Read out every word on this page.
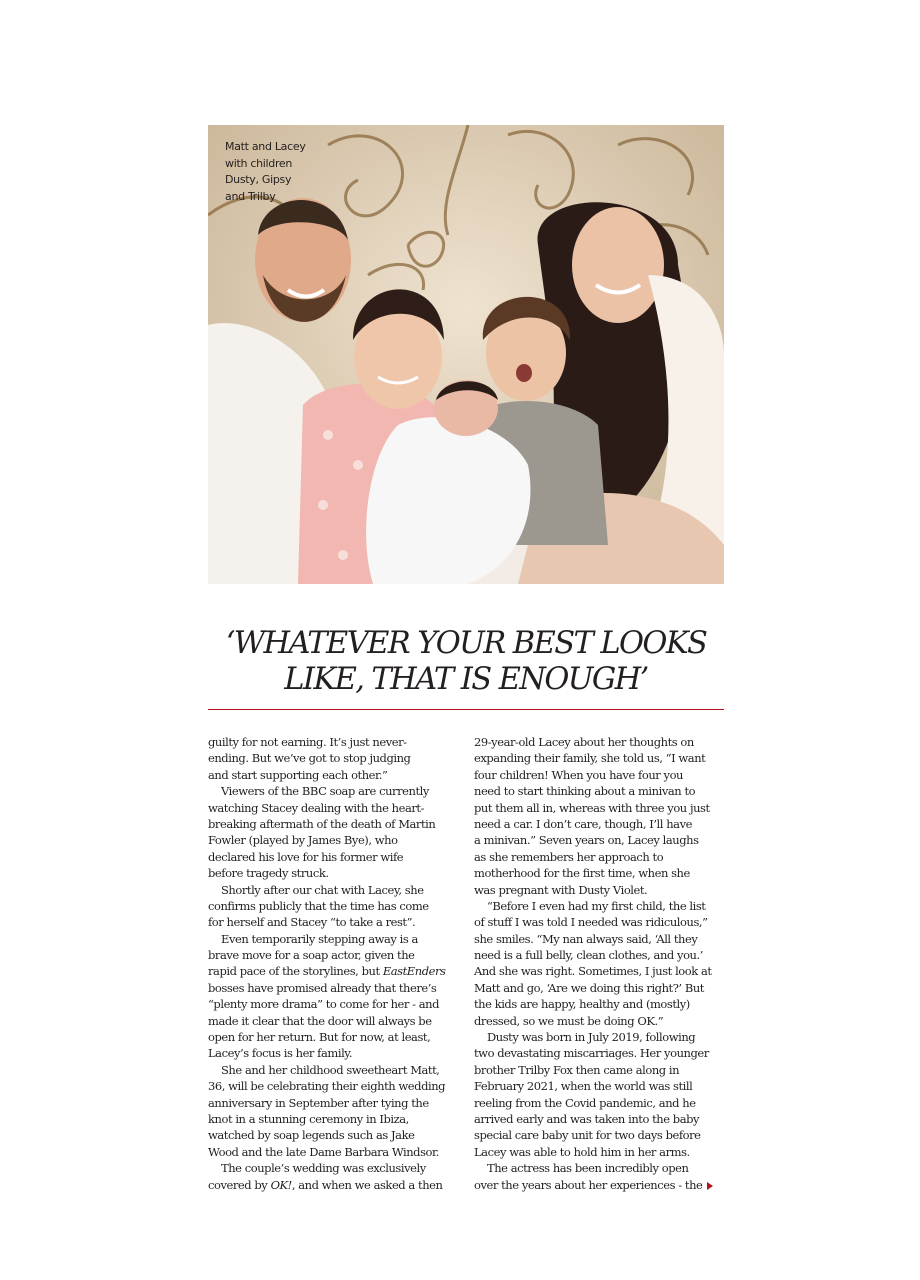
Matt and Lacey
with children
Dusty, Gipsy
and Trilby
‘WHATEVER YOUR BEST LOOKS
LIKE, THAT IS ENOUGH’
guilty for not earning. It’s just never-
ending. But we’ve got to stop judging
and start supporting each other.”
Viewers of the BBC soap are currently
watching Stacey dealing with the heart-
breaking aftermath of the death of Martin
Fowler (played by James Bye), who
declared his love for his former wife
before tragedy struck.
Shortly after our chat with Lacey, she
confirms publicly that the time has come
for herself and Stacey “to take a rest”.
Even temporarily stepping away is a
brave move for a soap actor, given the
rapid pace of the storylines, but EastEnders
bosses have promised already that there’s
“plenty more drama” to come for her - and
made it clear that the door will always be
open for her return. But for now, at least,
Lacey’s focus is her family.
She and her childhood sweetheart Matt,
36, will be celebrating their eighth wedding
anniversary in September after tying the
knot in a stunning ceremony in Ibiza,
watched by soap legends such as Jake
Wood and the late Dame Barbara Windsor.
The couple’s wedding was exclusively
covered by OK!, and when we asked a then
29-year-old Lacey about her thoughts on
expanding their family, she told us, “I want
four children! When you have four you
need to start thinking about a minivan to
put them all in, whereas with three you just
need a car. I don’t care, though, I’ll have
a minivan.” Seven years on, Lacey laughs
as she remembers her approach to
motherhood for the first time, when she
was pregnant with Dusty Violet.
“Before I even had my first child, the list
of stuff I was told I needed was ridiculous,”
she smiles. “My nan always said, ‘All they
need is a full belly, clean clothes, and you.’
And she was right. Sometimes, I just look at
Matt and go, ‘Are we doing this right?’ But
the kids are happy, healthy and (mostly)
dressed, so we must be doing OK.”
Dusty was born in July 2019, following
two devastating miscarriages. Her younger
brother Trilby Fox then came along in
February 2021, when the world was still
reeling from the Covid pandemic, and he
arrived early and was taken into the baby
special care baby unit for two days before
Lacey was able to hold him in her arms.
The actress has been incredibly open
over the years about her experiences - the
